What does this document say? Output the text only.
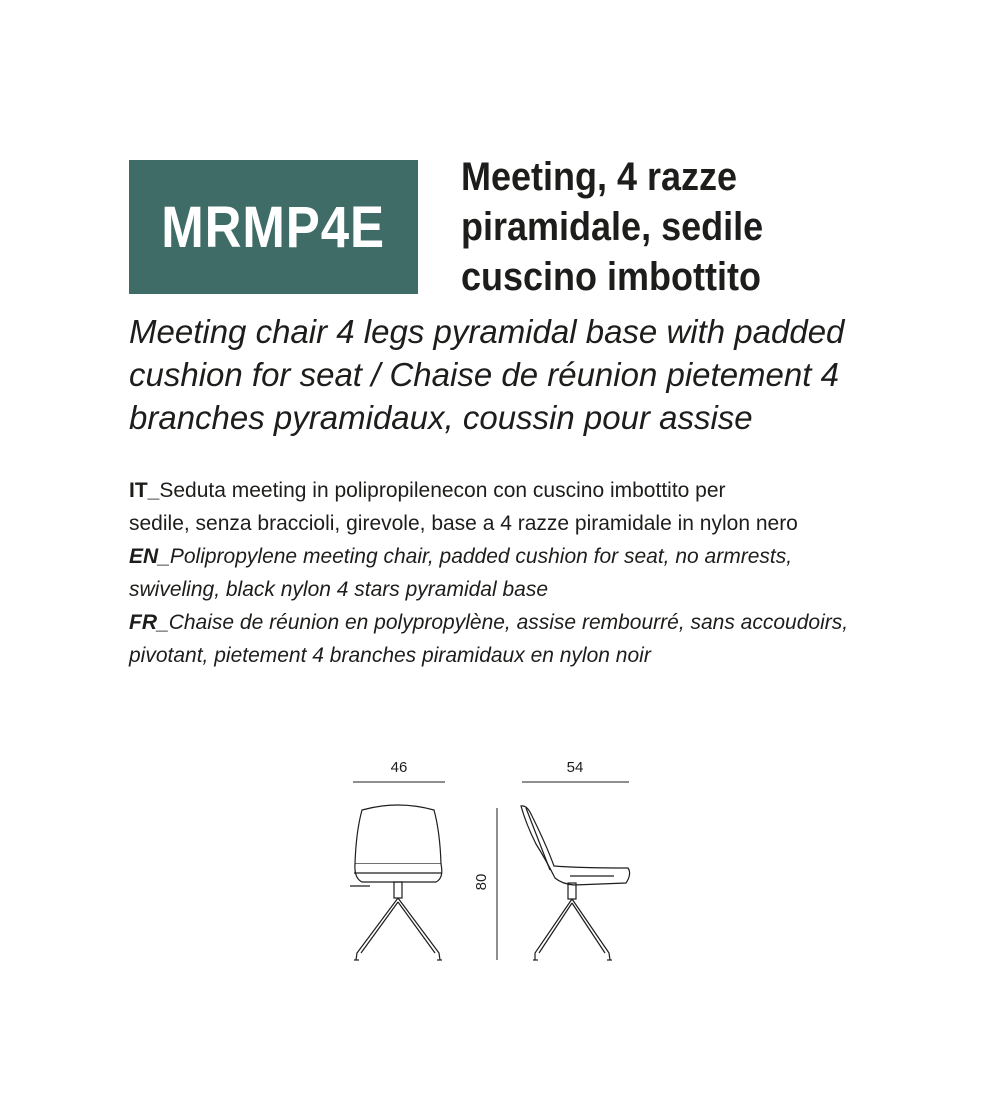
MRMP4E
Meeting, 4 razze
piramidale, sedile
cuscino imbottito

Meeting chair 4 legs pyramidal base with padded
cushion for seat / Chaise de réunion pietement 4
branches pyramidaux, coussin pour assise

IT_Seduta meeting in polipropilenecon con cuscino imbottito per
sedile, senza braccioli, girevole, base a 4 razze piramidale in nylon nero
EN_Polipropylene meeting chair, padded cushion for seat, no armrests,
swiveling, black nylon 4 stars pyramidal base
FR_Chaise de réunion en polypropylène, assise rembourré, sans accoudoirs,
pivotant, pietement 4 branches piramidaux en nylon noir
46	54
80
